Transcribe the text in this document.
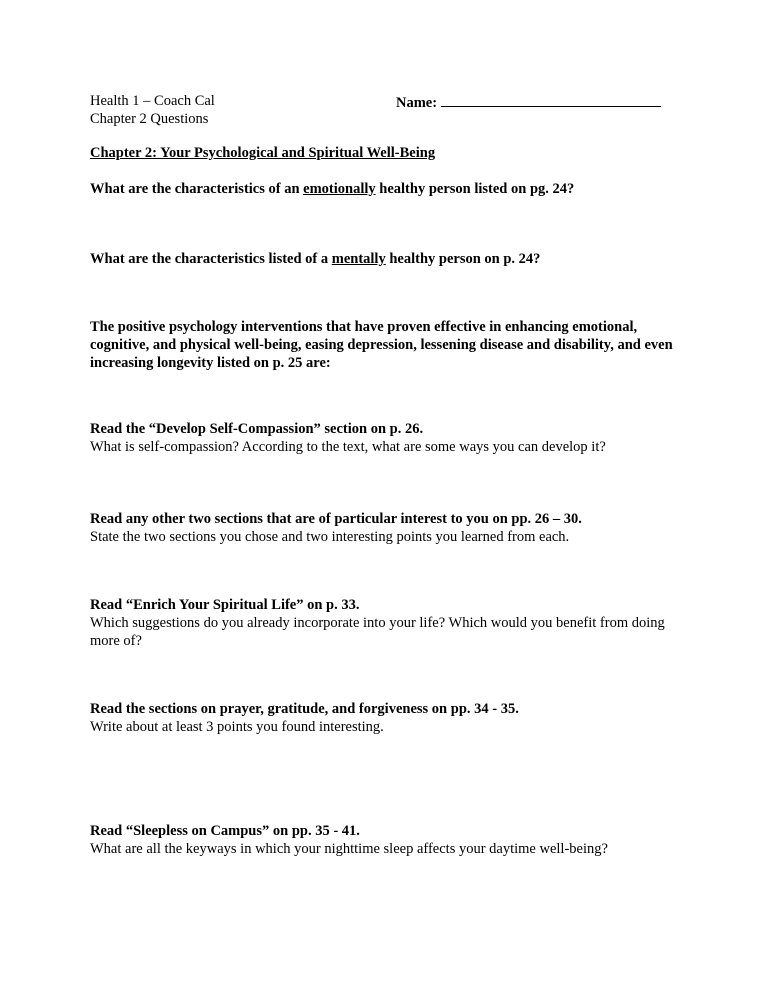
Health 1 – Coach Cal
Chapter 2 Questions
Name:
Chapter 2: Your Psychological and Spiritual Well-Being
What are the characteristics of an emotionally healthy person listed on pg. 24?
What are the characteristics listed of a mentally healthy person on p. 24?
The positive psychology interventions that have proven effective in enhancing emotional, cognitive, and physical well-being, easing depression, lessening disease and disability, and even increasing longevity listed on p. 25 are:
Read the “Develop Self-Compassion” section on p. 26.
What is self-compassion? According to the text, what are some ways you can develop it?
Read any other two sections that are of particular interest to you on pp. 26 – 30.
State the two sections you chose and two interesting points you learned from each.
Read “Enrich Your Spiritual Life” on p. 33.
Which suggestions do you already incorporate into your life? Which would you benefit from doing more of?
Read the sections on prayer, gratitude, and forgiveness on pp. 34 - 35.
Write about at least 3 points you found interesting.
Read “Sleepless on Campus” on pp. 35 - 41.
What are all the keyways in which your nighttime sleep affects your daytime well-being?
